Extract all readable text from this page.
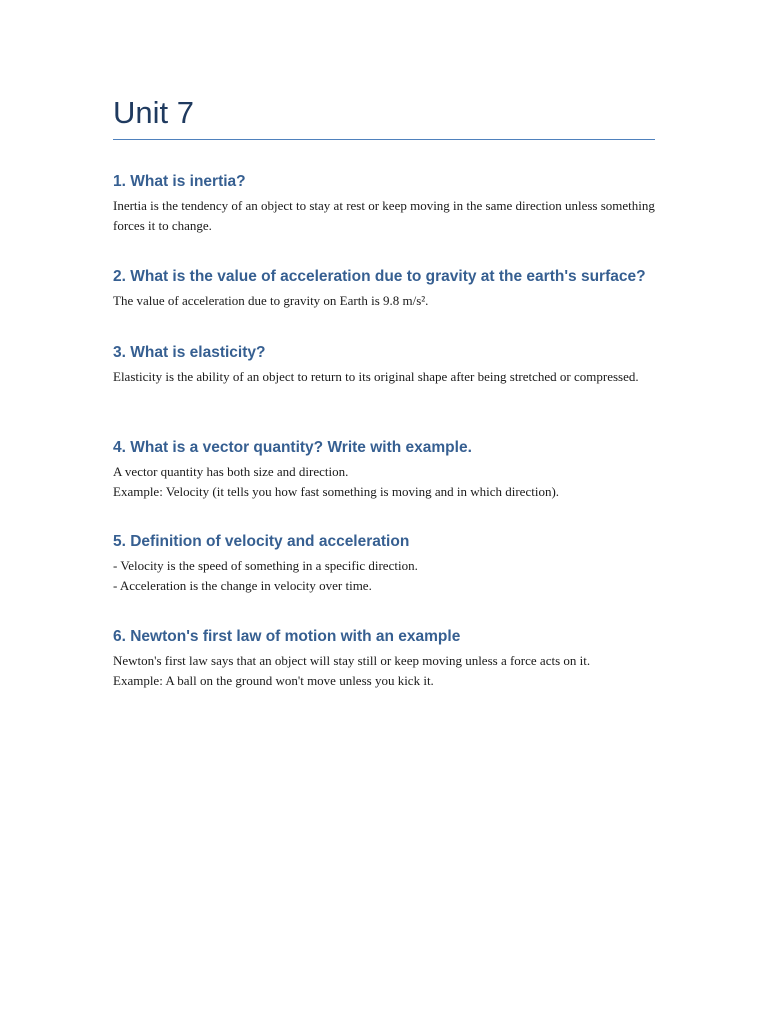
Unit 7
1. What is inertia?

Inertia is the tendency of an object to stay at rest or keep moving in the same direction unless something forces it to change.

2. What is the value of acceleration due to gravity at the earth's surface?

The value of acceleration due to gravity on Earth is 9.8 m/s².

3. What is elasticity?

Elasticity is the ability of an object to return to its original shape after being stretched or compressed.

4. What is a vector quantity? Write with example.

A vector quantity has both size and direction.
Example: Velocity (it tells you how fast something is moving and in which direction).

5. Definition of velocity and acceleration

- Velocity is the speed of something in a specific direction.
- Acceleration is the change in velocity over time.

6. Newton's first law of motion with an example

Newton's first law says that an object will stay still or keep moving unless a force acts on it.
Example: A ball on the ground won't move unless you kick it.
